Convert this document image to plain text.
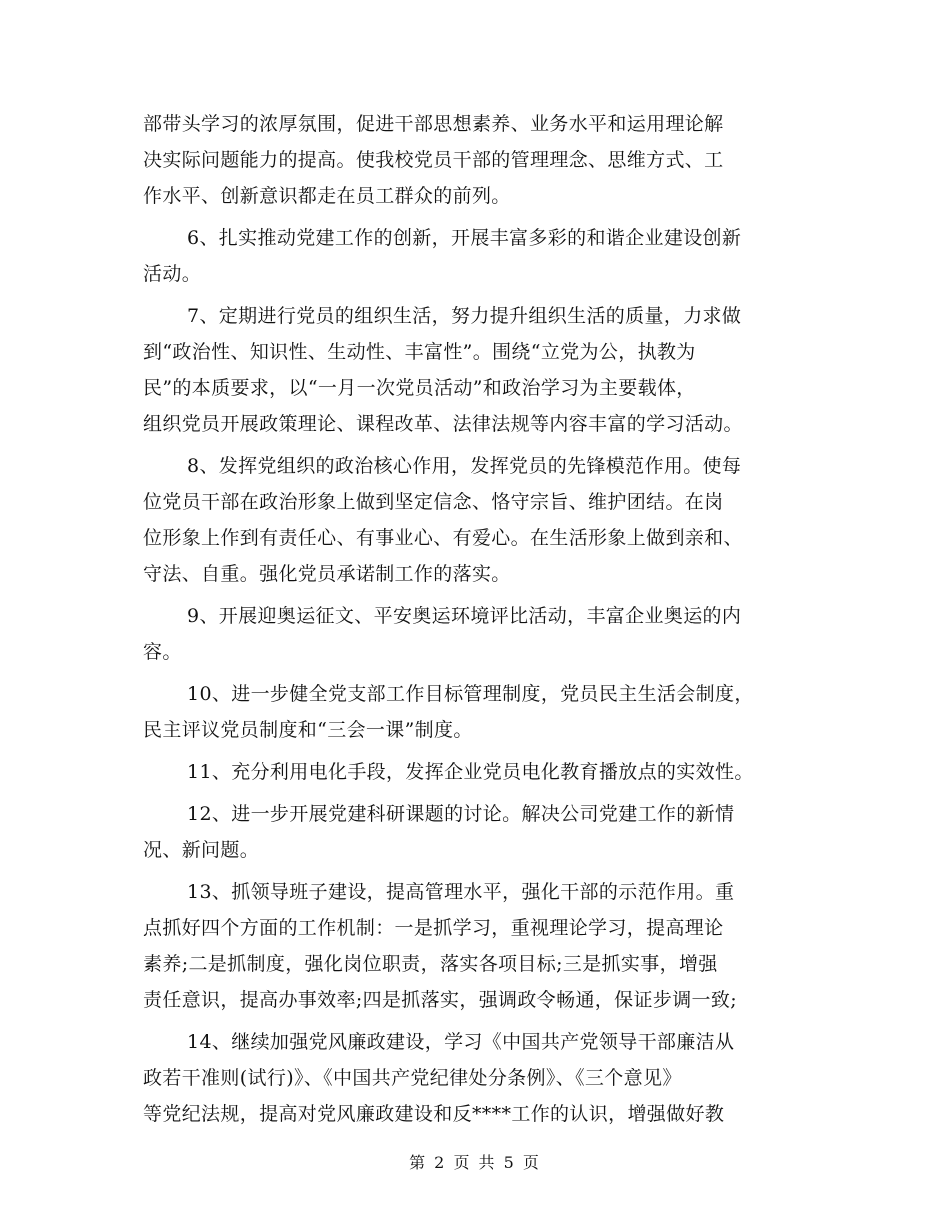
部带头学习的浓厚氛围，促进干部思想素养、业务水平和运用理论解
决实际问题能力的提高。使我校党员干部的管理理念、思维方式、工
作水平、创新意识都走在员工群众的前列。
6、扎实推动党建工作的创新，开展丰富多彩的和谐企业建设创新
活动。
7、定期进行党员的组织生活，努力提升组织生活的质量，力求做
到“政治性、知识性、生动性、丰富性”。围绕“立党为公，执教为
民”的本质要求，以“一月一次党员活动”和政治学习为主要载体，
组织党员开展政策理论、课程改革、法律法规等内容丰富的学习活动。
8、发挥党组织的政治核心作用，发挥党员的先锋模范作用。使每
位党员干部在政治形象上做到坚定信念、恪守宗旨、维护团结。在岗
位形象上作到有责任心、有事业心、有爱心。在生活形象上做到亲和、
守法、自重。强化党员承诺制工作的落实。
9、开展迎奥运征文、平安奥运环境评比活动，丰富企业奥运的内
容。
10、进一步健全党支部工作目标管理制度，党员民主生活会制度，
民主评议党员制度和“三会一课”制度。
11、充分利用电化手段，发挥企业党员电化教育播放点的实效性。
12、进一步开展党建科研课题的讨论。解决公司党建工作的新情
况、新问题。
13、抓领导班子建设，提高管理水平，强化干部的示范作用。重
点抓好四个方面的工作机制：一是抓学习，重视理论学习，提高理论
素养;二是抓制度，强化岗位职责，落实各项目标;三是抓实事，增强
责任意识，提高办事效率;四是抓落实，强调政令畅通，保证步调一致;
14、继续加强党风廉政建设，学习《中国共产党领导干部廉洁从
政若干准则(试行)》、《中国共产党纪律处分条例》、《三个意见》
等党纪法规，提高对党风廉政建设和反****工作的认识，增强做好教
第 2 页 共 5 页
